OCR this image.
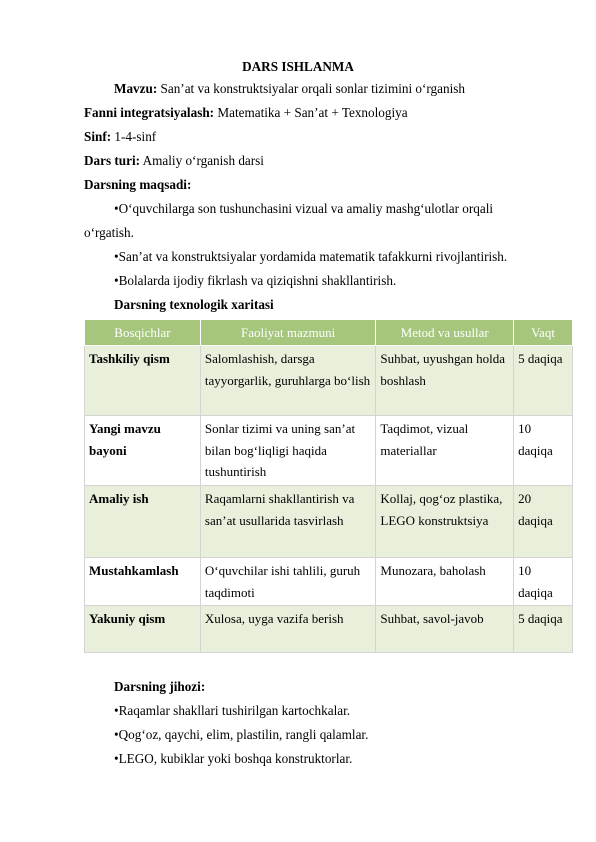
DARS ISHLANMA
Mavzu: San’at va konstruktsiyalar orqali sonlar tizimini o‘rganish
Fanni integratsiyalash: Matematika + San’at + Texnologiya
Sinf: 1-4-sinf
Dars turi: Amaliy o‘rganish darsi
Darsning maqsadi:
• O‘quvchilarga son tushunchasini vizual va amaliy mashg‘ulotlar orqali
o‘rgatish.
• San’at va konstruktsiyalar yordamida matematik tafakkurni rivojlantirish.
• Bolalarda ijodiy fikrlash va qiziqishni shakllantirish.
Darsning texnologik xaritasi
Bosqichlar	Faoliyat mazmuni	Metod va usullar	Vaqt
Tashkiliy qism	Salomlashish, darsga tayyorgarlik, guruhlarga bo‘lish	Suhbat, uyushgan holda boshlash	5 daqiqa
Yangi mavzu bayoni	Sonlar tizimi va uning san’at bilan bog‘liqligi haqida tushuntirish	Taqdimot, vizual materiallar	10 daqiqa
Amaliy ish	Raqamlarni shakllantirish va san’at usullarida tasvirlash	Kollaj, qog‘oz plastika, LEGO konstruktsiya	20 daqiqa
Mustahkamlash	O‘quvchilar ishi tahlili, guruh taqdimoti	Munozara, baholash	10 daqiqa
Yakuniy qism	Xulosa, uyga vazifa berish	Suhbat, savol-javob	5 daqiqa
Darsning jihozi:
• Raqamlar shakllari tushirilgan kartochkalar.
• Qog‘oz, qaychi, elim, plastilin, rangli qalamlar.
• LEGO, kubiklar yoki boshqa konstruktorlar.
